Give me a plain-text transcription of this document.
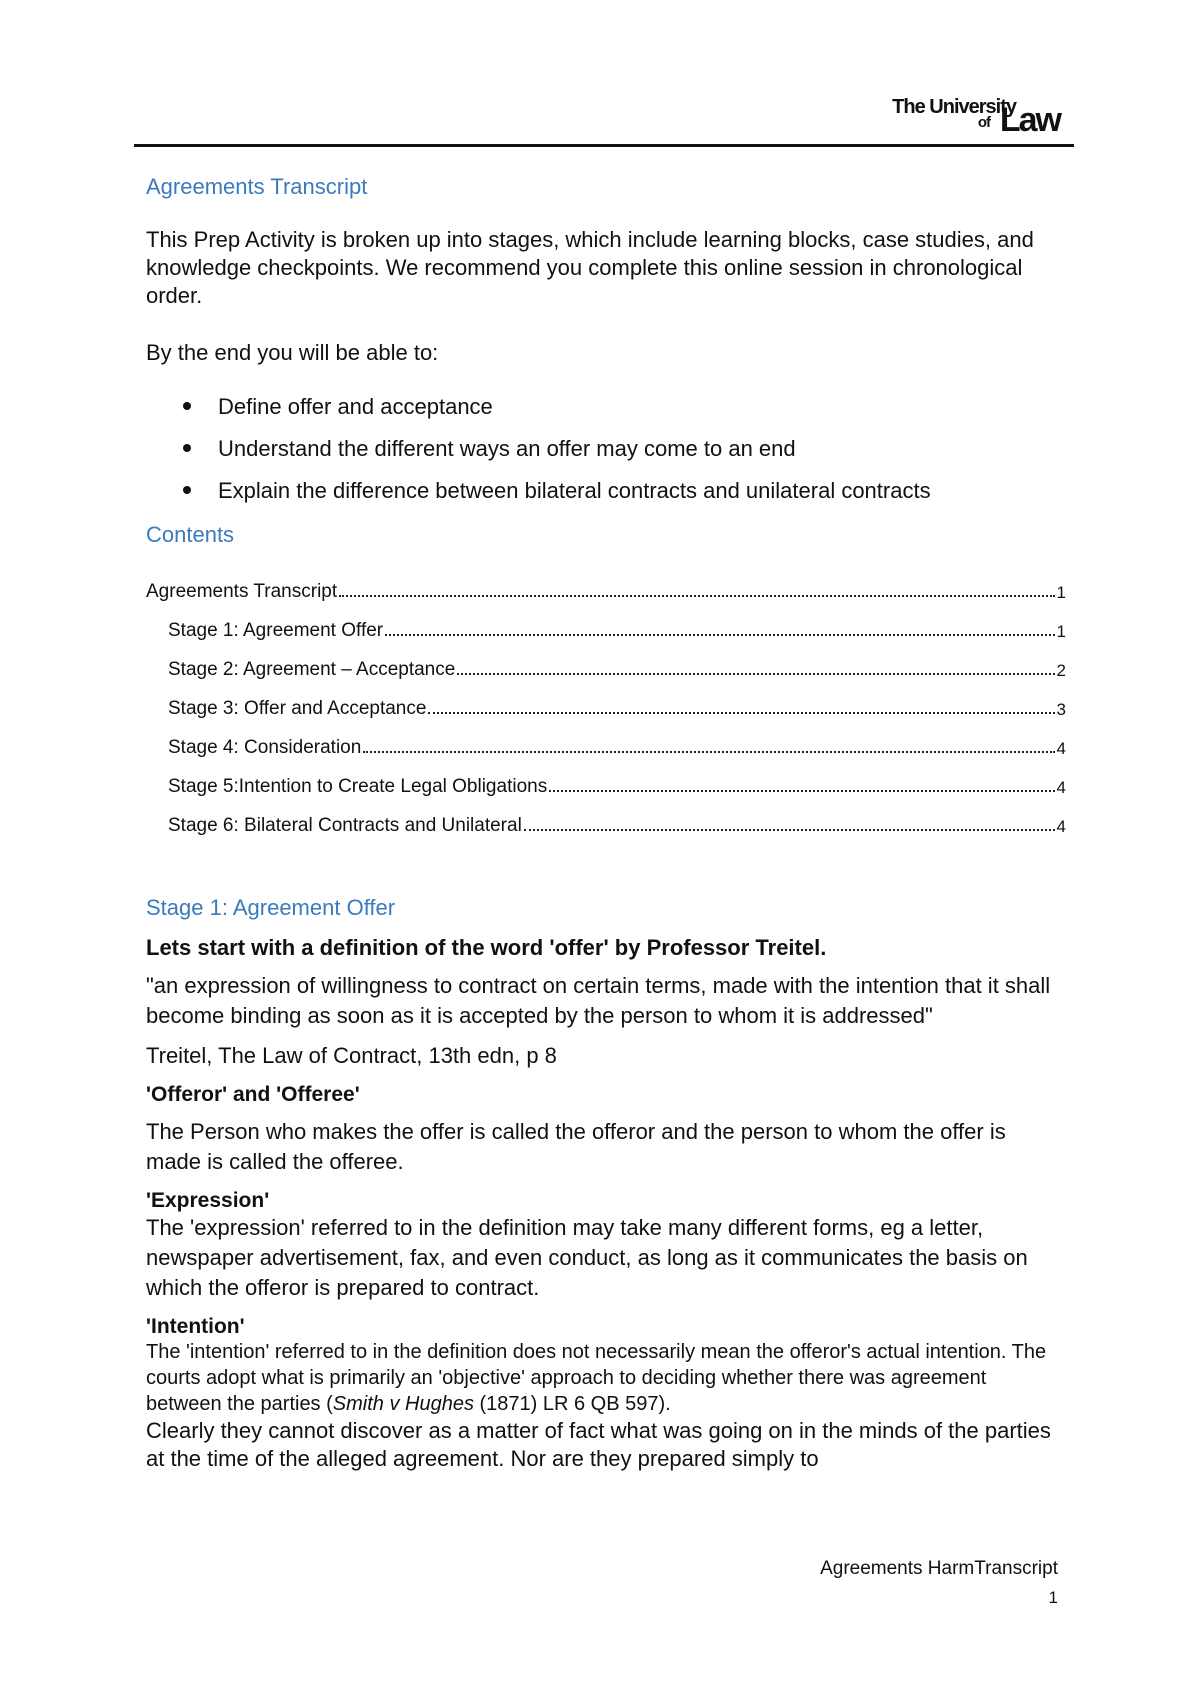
The University
of Law
Agreements Transcript

This Prep Activity is broken up into stages, which include learning blocks, case studies, and knowledge checkpoints. We recommend you complete this online session in chronological order.

By the end you will be able to:

Define offer and acceptance
Understand the different ways an offer may come to an end
Explain the difference between bilateral contracts and unilateral contracts
Contents
Agreements Transcript	1
Stage 1: Agreement Offer	1
Stage 2: Agreement – Acceptance	2
Stage 3: Offer and Acceptance	3
Stage 4: Consideration	4
Stage 5:Intention to Create Legal Obligations	4
Stage 6: Bilateral Contracts and Unilateral	4
Stage 1: Agreement Offer

Lets start with a definition of the word 'offer' by Professor Treitel.

"an expression of willingness to contract on certain terms, made with the intention that it shall become binding as soon as it is accepted by the person to whom it is addressed"

Treitel, The Law of Contract, 13th edn, p 8

'Offeror' and 'Offeree'

The Person who makes the offer is called the offeror and the person to whom the offer is made is called the offeree.

'Expression'

The 'expression' referred to in the definition may take many different forms, eg a letter, newspaper advertisement, fax, and even conduct, as long as it communicates the basis on which the offeror is prepared to contract.

'Intention'

The 'intention' referred to in the definition does not necessarily mean the offeror's actual intention. The courts adopt what is primarily an 'objective' approach to deciding whether there was agreement between the parties (Smith v Hughes (1871) LR 6 QB 597).

Clearly they cannot discover as a matter of fact what was going on in the minds of the parties at the time of the alleged agreement. Nor are they prepared simply to

Agreements HarmTranscript
1
